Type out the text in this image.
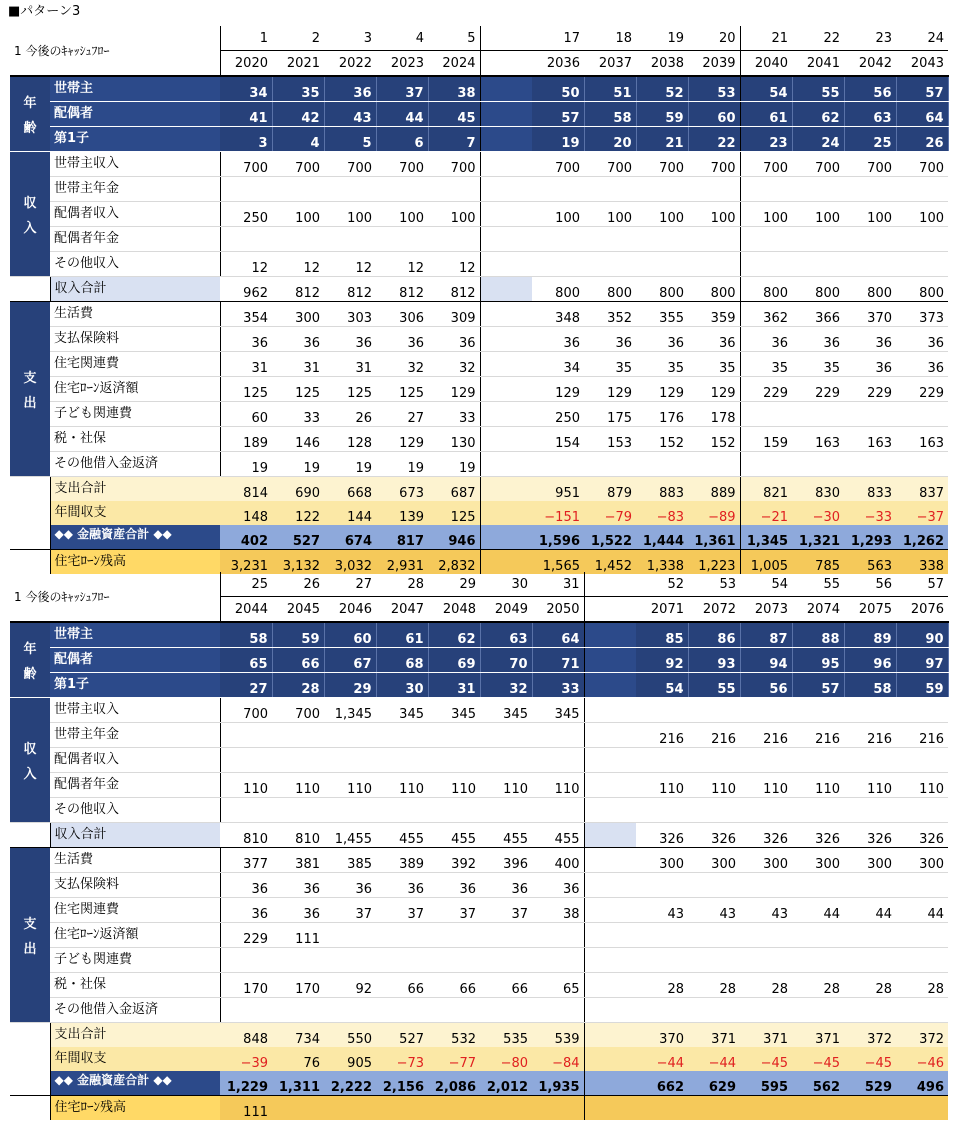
■パターン3
1 今後のｷｬｯｼｭﾌﾛｰ		1	2	3	4	5		17	18	19	20	21	22	23	24
		2020	2021	2022	2023	2024		2036	2037	2038	2039	2040	2041	2042	2043

年
齢	世帯主	34	35	36	37	38		50	51	52	53	54	55	56	57
	配偶者	41	42	43	44	45		57	58	59	60	61	62	63	64
	第1子	3	4	5	6	7		19	20	21	22	23	24	25	26

収
入	世帯主収入	700	700	700	700	700		700	700	700	700	700	700	700	700
	世帯主年金														
	配偶者収入	250	100	100	100	100		100	100	100	100	100	100	100	100
	配偶者年金														
	その他収入	12	12	12	12	12									
	収入合計	962	812	812	812	812		800	800	800	800	800	800	800	800

支
出	生活費	354	300	303	306	309		348	352	355	359	362	366	370	373
	支払保険料	36	36	36	36	36		36	36	36	36	36	36	36	36
	住宅関連費	31	31	31	32	32		34	35	35	35	35	35	36	36
	住宅ﾛｰﾝ返済額	125	125	125	125	129		129	129	129	129	229	229	229	229
	子ども関連費	60	33	26	27	33		250	175	176	178				
	税・社保	189	146	128	129	130		154	153	152	152	159	163	163	163
	その他借入金返済	19	19	19	19	19									
	支出合計	814	690	668	673	687		951	879	883	889	821	830	833	837
	年間収支	148	122	144	139	125		−151	−79	−83	−89	−21	−30	−33	−37
	◆◆ 金融資産合計 ◆◆	402	527	674	817	946		1,596	1,522	1,444	1,361	1,345	1,321	1,293	1,262
	住宅ﾛｰﾝ残高	3,231	3,132	3,032	2,931	2,832		1,565	1,452	1,338	1,223	1,005	785	563	338
1 今後のｷｬｯｼｭﾌﾛｰ		25	26	27	28	29	30	31		52	53	54	55	56	57
		2044	2045	2046	2047	2048	2049	2050		2071	2072	2073	2074	2075	2076

年
齢	世帯主	58	59	60	61	62	63	64		85	86	87	88	89	90
	配偶者	65	66	67	68	69	70	71		92	93	94	95	96	97
	第1子	27	28	29	30	31	32	33		54	55	56	57	58	59

収
入	世帯主収入	700	700	1,345	345	345	345	345							
	世帯主年金									216	216	216	216	216	216
	配偶者収入														
	配偶者年金	110	110	110	110	110	110	110		110	110	110	110	110	110
	その他収入														
	収入合計	810	810	1,455	455	455	455	455		326	326	326	326	326	326

支
出	生活費	377	381	385	389	392	396	400		300	300	300	300	300	300
	支払保険料	36	36	36	36	36	36	36							
	住宅関連費	36	36	37	37	37	37	38		43	43	43	44	44	44
	住宅ﾛｰﾝ返済額	229	111												
	子ども関連費														
	税・社保	170	170	92	66	66	66	65		28	28	28	28	28	28
	その他借入金返済														
	支出合計	848	734	550	527	532	535	539		370	371	371	371	372	372
	年間収支	−39	76	905	−73	−77	−80	−84		−44	−44	−45	−45	−45	−46
	◆◆ 金融資産合計 ◆◆	1,229	1,311	2,222	2,156	2,086	2,012	1,935		662	629	595	562	529	496
	住宅ﾛｰﾝ残高	111													
